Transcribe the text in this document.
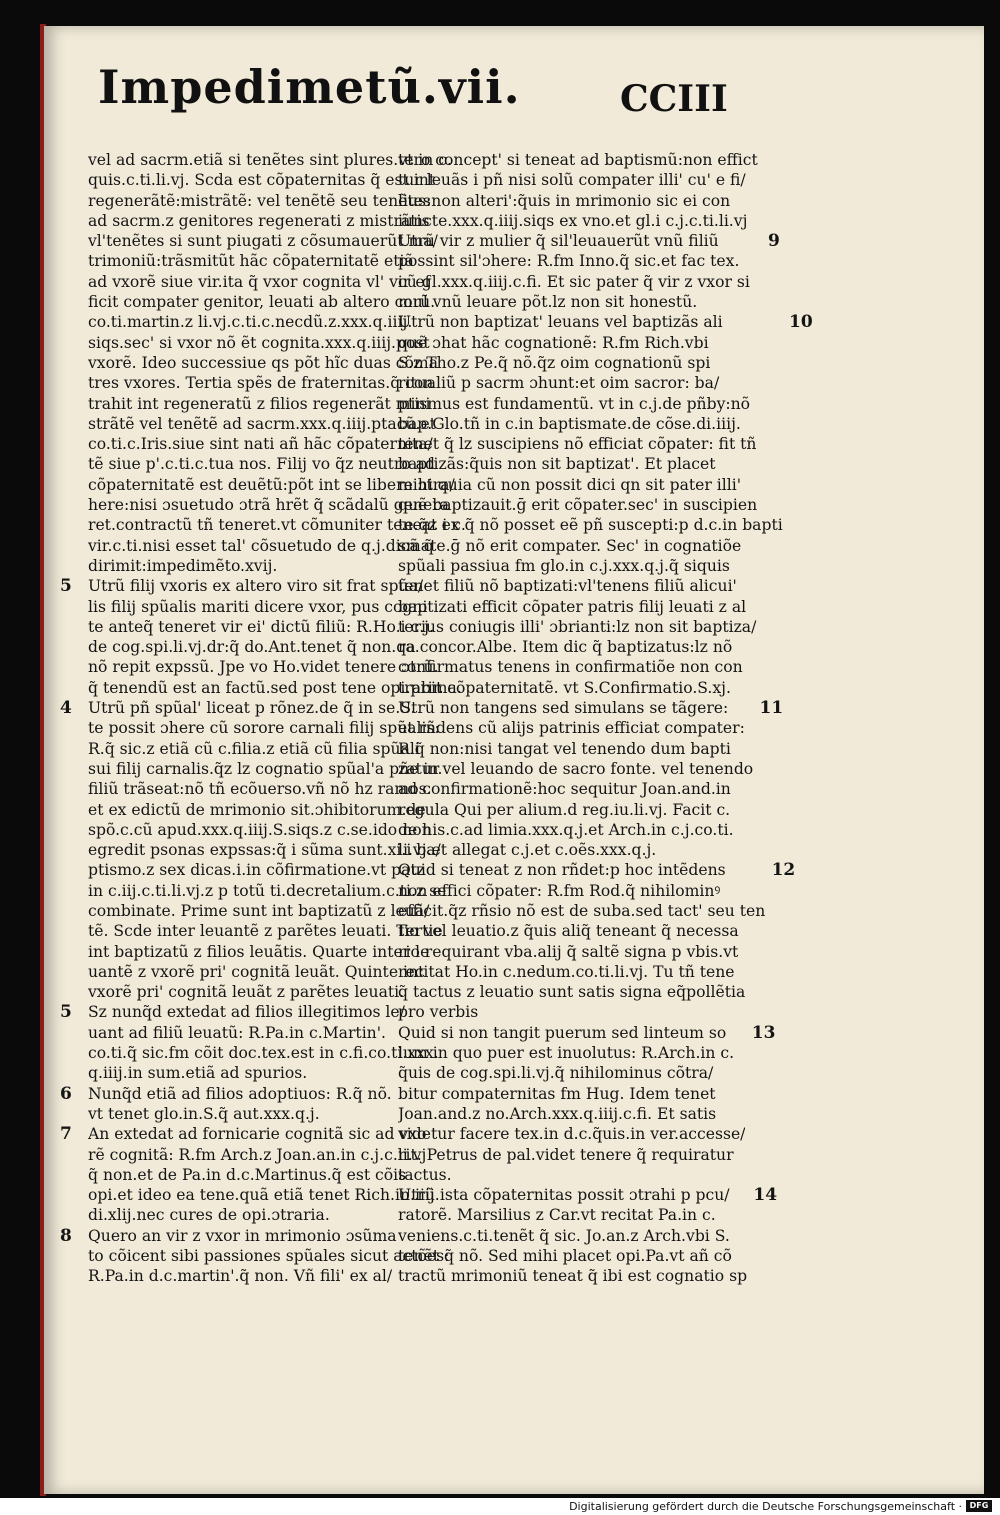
Impedimetũ.vii.	CCIII
vel ad sacrm.etiã si tenẽtes sint plures.vt in c.
quis.c.ti.li.vj. Scda est cõpaternitas q̃ est int
regenerãtẽ:mistrãtẽ: vel tenẽtẽ seu tenẽtes
ad sacrm.z genitores regenerati z mistrãtis
vl'tenẽtes si sunt piugati z cõsumauerũt ma/
trimoniũ:trãsmitũt hãc cõpaternitatẽ etiã
ad vxorẽ siue vir.ita q̃ vxor cognita vl' vir ef
ficit compater genitor, leuati ab altero corũ.
co.ti.martin.z li.vj.c.ti.c.necdũ.z.xxx.q.iiij.
siqs.sec' si vxor nõ ẽt cognita.xxx.q.iiij.post
vxorẽ. Ideo successiue qs põt hĩc duas cõma
tres vxores. Tertia spẽs de fraternitas.q̃ con
trahit int regeneratũ z filios regenerãt mini
strãtẽ vel tenẽtẽ ad sacrm.xxx.q.iiij.ptacũ.et
co.ti.c.Iris.siue sint nati añ hãc cõpaternita/
tẽ siue p'.c.ti.c.tua nos. Filij vo q̃z neutro ad
cõpaternitatẽ est deuẽtũ:põt int se libere ɔtra/
here:nisi ɔsuetudo ɔtrã hrẽt q̃ scãdalũ genera
ret.contractũ tñ teneret.vt cõmuniter teneat i c.
vir.c.ti.nisi esset tal' cõsuetudo de q.j.dicã q̃
dirimit:impedimẽto.xvij.
5	Utrũ filij vxoris ex altero viro sit frat spũa/
lis filij spũalis mariti dicere vxor, pus cogni
te anteq̃ teneret vir ei' dictũ filiũ: R.Ho.i c.j.
de cog.spi.li.vj.dr:q̃ do.Ant.tenet q̃ non.qa
nõ repit expssũ. Jpe vo Ho.videt tenere ɔtrũ.
q̃ tenendũ est an factũ.sed post tene opi.prima.
4	Utrũ pñ spũal' liceat p rõnez.de q̃ in se.S.
te possit ɔhere cũ sorore carnali filij spũalis:
R.q̃ sic.z etiã cũ c.filia.z etiã cũ filia spũali
sui filij carnalis.q̃z lz cognatio spũal'a pñe in
filiũ trãseat:nõ tñ ecõuerso.vñ nõ hz ramos.
et ex edictũ de mrimonio sit.ɔhibitorum.de
spõ.c.cũ apud.xxx.q.iiij.S.siqs.z c.se.ido non
egredit psonas expssas:q̃ i sũma sunt.xi.i ba/
ptismo.z sex dicas.i.in cõfirmatione.vt patz
in c.iij.c.ti.li.vj.z p totũ ti.decretalium.c.ti.z se
combinate. Prime sunt int baptizatũ z leuã/
tẽ. Scde inter leuantẽ z parẽtes leuati. Tertie
int baptizatũ z filios leuãtis. Quarte inter le
uantẽ z vxorẽ pri' cognitã leuãt. Quinte int
vxorẽ pri' cognitã leuãt z parẽtes leuati.
5	Sz nunq̃d extedat ad filios illegitimos le/
uant ad filiũ leuatũ: R.Pa.in c.Martin'.
co.ti.q̃ sic.fm cõit doc.tex.est in c.fi.co.ti.xxx.
q.iiij.in sum.etiã ad spurios.
6	Nunq̃d etiã ad filios adoptiuos: R.q̃ nõ.
vt tenet glo.in.S.q̃ aut.xxx.q.j.
7	An extedat ad fornicarie cognitã sic ad vxo
rẽ cognitã: R.fm Arch.z Joan.an.in c.j.c.li.vj
q̃ non.et de Pa.in d.c.Martinus.q̃ est cõis
opi.et ideo ea tene.quã etiã tenet Rich.in.iiij.
di.xlij.nec cures de opi.ɔtraria.
8	Quero an vir z vxor in mrimonio ɔsũma
to cõicent sibi passiones spũales sicut actões:
R.Pa.in d.c.martin'.q̃ non. Vñ fili' ex al/
tero concept' si teneat ad baptismũ:non effict
tur leuãs i pñ nisi solũ compater illi' cu' e fi/
lius:non alteri':q̃uis in mrimonio sic ei con
iuncte.xxx.q.iiij.siqs ex vno.et gl.i c.j.c.ti.li.vj
9
Utrũ vir z mulier q̃ sil'leuauerũt vnũ filiũ
possint sil'ɔhere: R.fm Inno.q̃ sic.et fac tex.
cũ gl.xxx.q.iiij.c.fi. Et sic pater q̃ vir z vxor si
mul vnũ leuare põt.lz non sit honestũ.
10
Utrũ non baptizat' leuans vel baptizãs ali
quẽ ɔhat hãc cognationẽ: R.fm Rich.vbi
S.z Tho.z Pe.q̃ nõ.q̃z oim cognationũ spi
ritualiũ p sacrm ɔhunt:et oim sacror: ba/
ptismus est fundamentũ. vt in c.j.de pñby:nõ
bap.Glo.tñ in c.in baptismate.de cõse.di.iiij.
tenet q̃ lz suscipiens nõ efficiat cõpater: fit tñ
baptizãs:q̃uis non sit baptizat'. Et placet
mihi.quia cũ non possit dici qn sit pater illi'
quẽ baptizauit.ḡ erit cõpater.sec' in suscipien
te.q̃z ex q̃ nõ posset eẽ pñ suscepti:p d.c.in bapti
smate.ḡ nõ erit compater. Sec' in cognatiõe
spũali passiua fm glo.in c.j.xxx.q.j.q̃ siquis
tenet filiũ nõ baptizati:vl'tenens filiũ alicui'
baptizati efficit cõpater patris filij leuati z al
terius coniugis illi' ɔbrianti:lz non sit baptiza/
ra.concor.Albe. Item dic q̃ baptizatus:lz nõ
confirmatus tenens in confirmatiõe non con
trabit cõpaternitatẽ. vt S.Confirmatio.S.xj.
11
Utrũ non tangens sed simulans se tãgere:
et rñdens cũ alijs patrinis efficiat compater:
R.q̃ non:nisi tangat vel tenendo dum bapti
zatur.vel leuando de sacro fonte. vel tenendo
ad confirmationẽ:hoc sequitur Joan.and.in
regula Qui per alium.d reg.iu.li.vj. Facit c.
de his.c.ad limia.xxx.q.j.et Arch.in c.j.co.ti.
li.vj.et allegat c.j.et c.oẽs.xxx.q.j.
12
Quid si teneat z non rñdet:p hoc intẽdens
non effici cõpater: R.fm Rod.q̃ nihilominꝰ
efficit.q̃z rñsio nõ est de suba.sed tact' seu ten
tio vel leuatio.z q̃uis aliq̃ teneant q̃ necessa
rio requirant vba.alij q̃ saltẽ signa p vbis.vt
recitat Ho.in c.nedum.co.ti.li.vj. Tu tñ tene
q̃ tactus z leuatio sunt satis signa eq̃pollẽtia
pro verbis
13
Quid si non tangit puerum sed linteum so
lum in quo puer est inuolutus: R.Arch.in c.
q̃uis de cog.spi.li.vj.q̃ nihilominus cõtra/
bitur compaternitas fm Hug. Idem tenet
Joan.and.z no.Arch.xxx.q.iiij.c.fi. Et satis
videtur facere tex.in d.c.q̃uis.in ver.accesse/
rit. Petrus de pal.videt tenere q̃ requiratur
tactus.
14
Utrũ ista cõpaternitas possit ɔtrahi p pcu/
ratorẽ. Marsilius z Car.vt recitat Pa.in c.
veniens.c.ti.tenẽt q̃ sic. Jo.an.z Arch.vbi S.
tenẽt q̃ nõ. Sed mihi placet opi.Pa.vt añ cõ
tractũ mrimoniũ teneat q̃ ibi est cognatio sp
Digitalisierung gefördert durch die Deutsche Forschungsgemeinschaft · DFG
